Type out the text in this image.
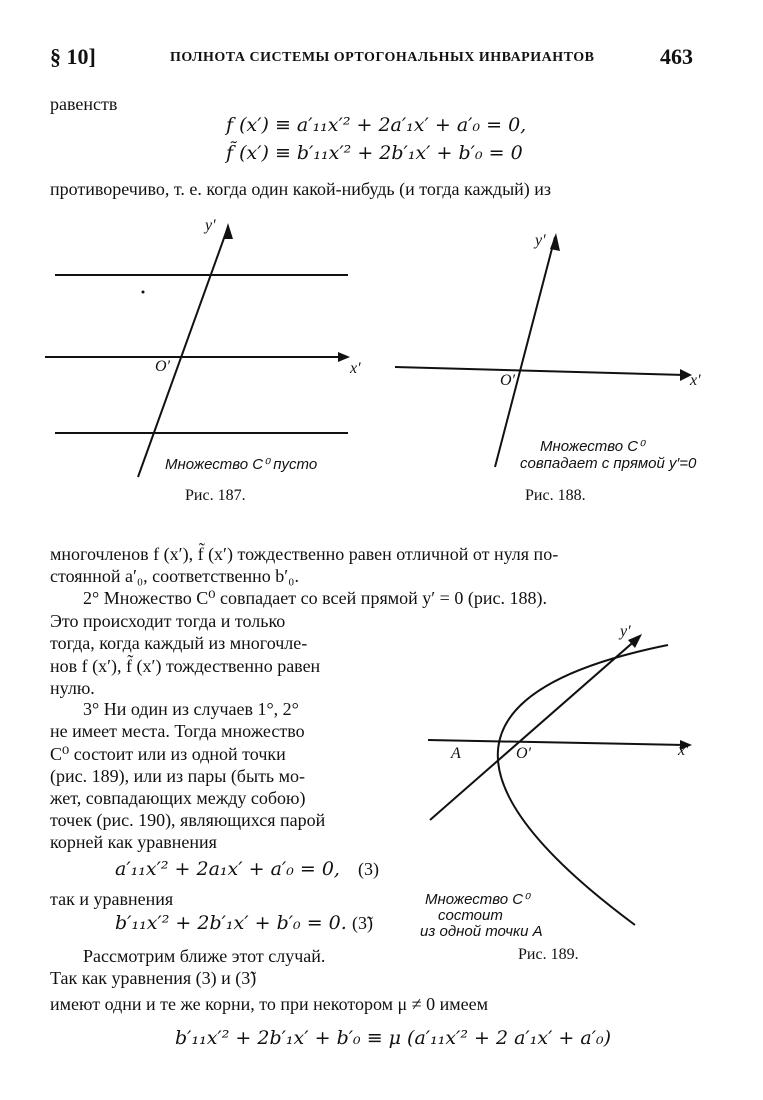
§ 10]	ПОЛНОТА СИСТЕМЫ ОРТОГОНАЛЬНЫХ ИНВАРИАНТОВ	463
равенств
f (x′) ≡ a′₁₁x′² + 2a′₁x′ + a′₀ = 0,
f̃ (x′) ≡ b′₁₁x′² + 2b′₁x′ + b′₀ = 0
противоречиво, т. е. когда один какой-нибудь (и тогда каждый) из
y′
x′
O′
Множество C⁰ пусто
Рис. 187.
y′
x′
O′
Множество C⁰
совпадает с прямой y′=0
Рис. 188.
многочленов f (x′), f̃ (x′) тождественно равен отличной от нуля по-
стоянной a′₀, соответственно b′₀.
2° Множество C⁰ совпадает со всей прямой y′ = 0 (рис. 188).
Это происходит тогда и только
тогда, когда каждый из многочле-
нов f (x′), f̃ (x′) тождественно равен
нулю.
3° Ни один из случаев 1°, 2°
не имеет места. Тогда множество
C⁰ состоит или из одной точки
(рис. 189), или из пары (быть мо-
жет, совпадающих между собою)
точек (рис. 190), являющихся парой
корней как уравнения
a′₁₁x′² + 2a₁x′ + a′₀ = 0, (3)
так и уравнения
b′₁₁x′² + 2b′₁x′ + b′₀ = 0. (3̃)
Рассмотрим ближе этот случай.
Так как уравнения (3) и (3̃)
имеют одни и те же корни, то при некотором μ ≠ 0 имеем
b′₁₁x′² + 2b′₁x′ + b′₀ ≡ μ (a′₁₁x′² + 2 a′₁x′ + a′₀)
y′
x′
O′
A
Множество C⁰
состоит
из одной точки A
Рис. 189.
